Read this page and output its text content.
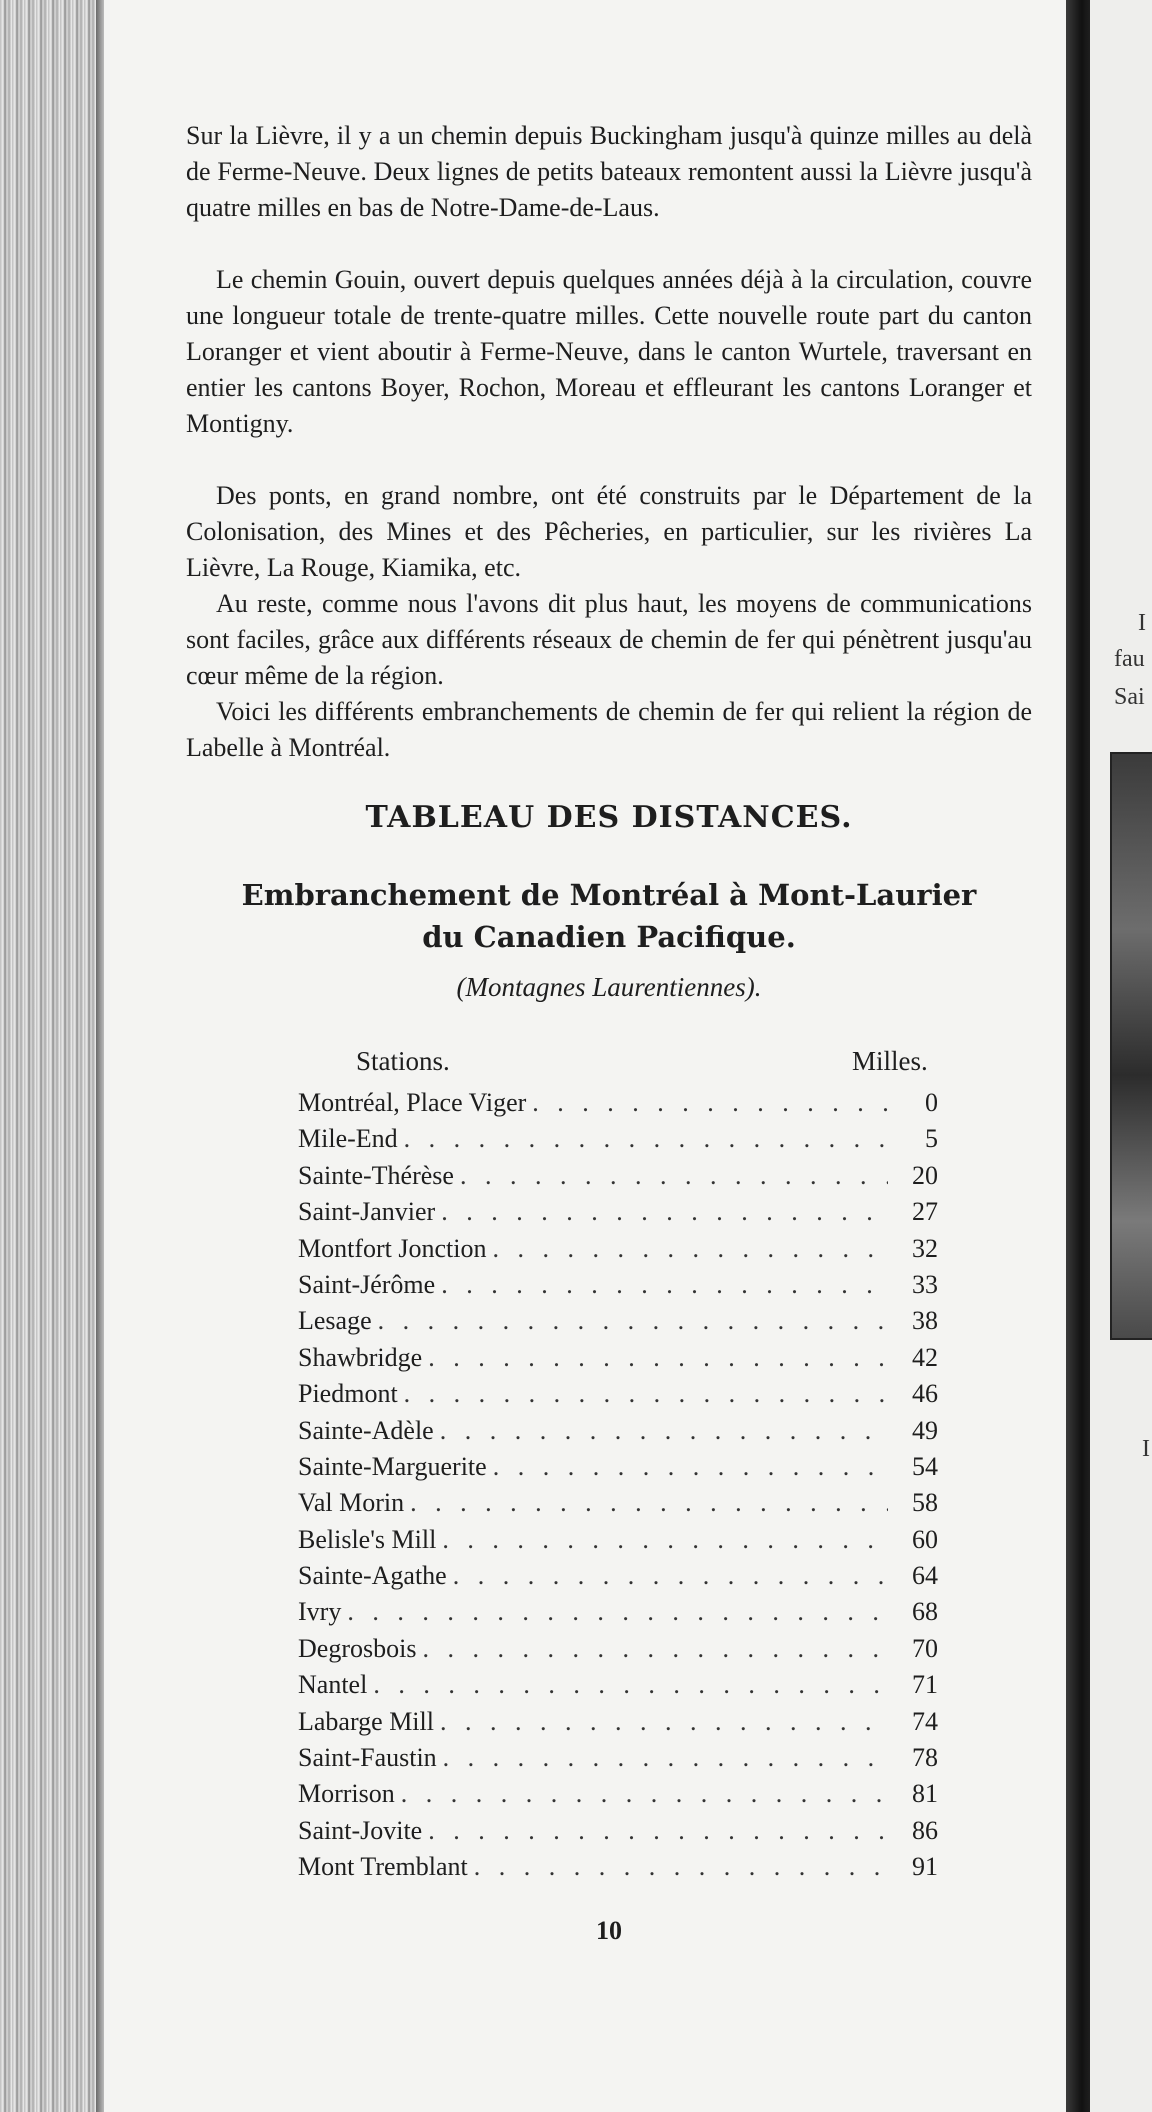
Sur la Lièvre, il y a un chemin depuis Buckingham jusqu'à quinze milles au delà de Ferme-Neuve. Deux lignes de petits bateaux remontent aussi la Lièvre jusqu'à quatre milles en bas de Notre-Dame-de-Laus.

Le chemin Gouin, ouvert depuis quelques années déjà à la circulation, couvre une longueur totale de trente-quatre milles. Cette nouvelle route part du canton Loranger et vient aboutir à Ferme-Neuve, dans le canton Wurtele, traversant en entier les cantons Boyer, Rochon, Moreau et effleurant les cantons Loranger et Montigny.

Des ponts, en grand nombre, ont été construits par le Département de la Colonisation, des Mines et des Pêcheries, en particulier, sur les rivières La Lièvre, La Rouge, Kiamika, etc.

Au reste, comme nous l'avons dit plus haut, les moyens de communications sont faciles, grâce aux différents réseaux de chemin de fer qui pénètrent jusqu'au cœur même de la région.

Voici les différents embranchements de chemin de fer qui relient la région de Labelle à Montréal.

TABLEAU DES DISTANCES.
Embranchement de Montréal à Mont-Laurier
du Canadien Pacifique.
(Montagnes Laurentiennes).
Stations.	Milles.
Montréal, Place Viger . . .	0
Mile-End . . .	5
Sainte-Thérèse . . .	20
Saint-Janvier . . .	27
Montfort Jonction . . .	32
Saint-Jérôme . . .	33
Lesage . . .	38
Shawbridge . . .	42
Piedmont . . .	46
Sainte-Adèle . . .	49
Sainte-Marguerite . . .	54
Val Morin . . .	58
Belisle's Mill . . .	60
Sainte-Agathe . . .	64
Ivry . . .	68
Degrosbois . . .	70
Nantel . . .	71
Labarge Mill . . .	74
Saint-Faustin . . .	78
Morrison . . .	81
Saint-Jovite . . .	86
Mont Tremblant . . .	91
10
I
fau
Sai
I
